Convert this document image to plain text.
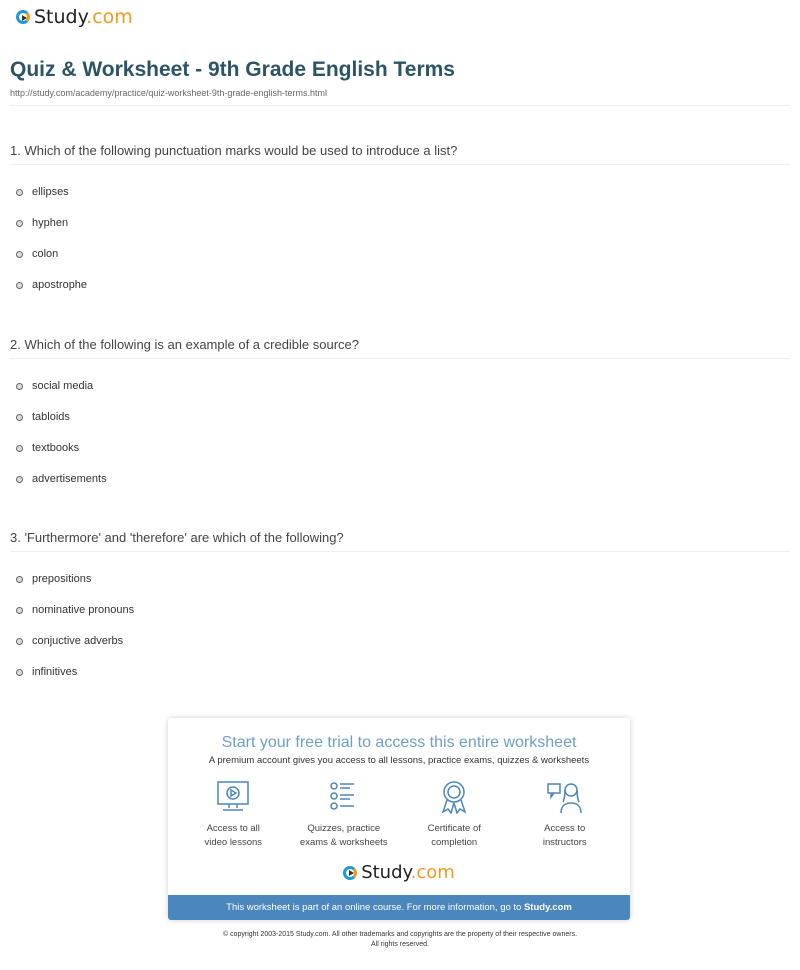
Study.com
Quiz & Worksheet - 9th Grade English Terms
http://study.com/academy/practice/quiz-worksheet-9th-grade-english-terms.html
1. Which of the following punctuation marks would be used to introduce a list?
ellipses
hyphen
colon
apostrophe
2. Which of the following is an example of a credible source?
social media
tabloids
textbooks
advertisements
3. 'Furthermore' and 'therefore' are which of the following?
prepositions
nominative pronouns
conjuctive adverbs
infinitives
Start your free trial to access this entire worksheet
A premium account gives you access to all lessons, practice exams, quizzes & worksheets
Access to all
video lessons
Quizzes, practice
exams & worksheets
Certificate of
completion
Access to
instructors
Study.com
This worksheet is part of an online course. For more information, go to Study.com
© copyright 2003-2015 Study.com. All other trademarks and copyrights are the property of their respective owners.
All rights reserved.
